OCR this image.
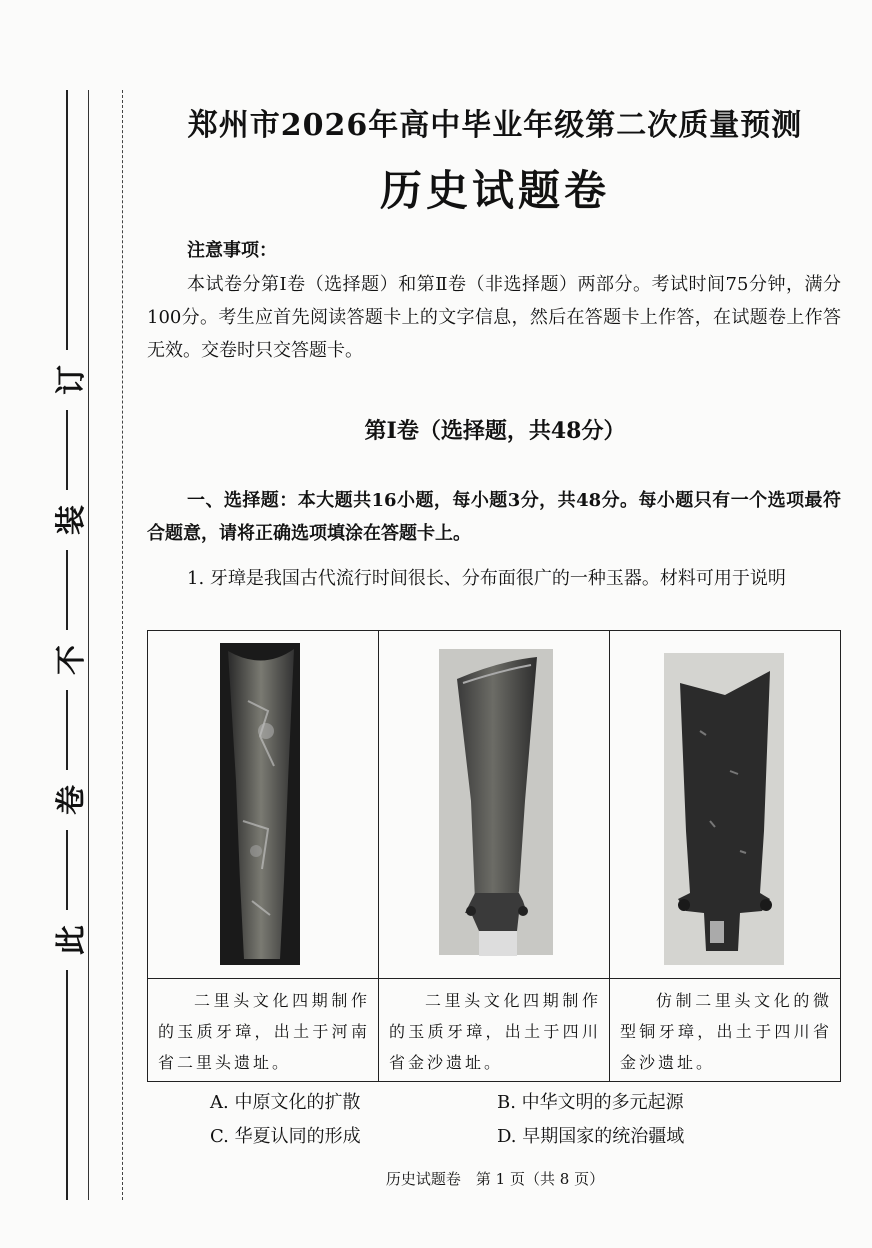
订
装
不
卷
此
郑州市2026年高中毕业年级第二次质量预测
历史试题卷
注意事项：
本试卷分第Ⅰ卷（选择题）和第Ⅱ卷（非选择题）两部分。考试时间75分钟，满分100分。考生应首先阅读答题卡上的文字信息，然后在答题卡上作答，在试题卷上作答无效。交卷时只交答题卡。
第Ⅰ卷（选择题，共48分）
一、选择题：本大题共16小题，每小题3分，共48分。每小题只有一个选项最符合题意，请将正确选项填涂在答题卡上。
1. 牙璋是我国古代流行时间很长、分布面很广的一种玉器。材料可用于说明
二里头文化四期制作的玉质牙璋，出土于河南省二里头遗址。
二里头文化四期制作的玉质牙璋，出土于四川省金沙遗址。
仿制二里头文化的微型铜牙璋，出土于四川省金沙遗址。
A. 中原文化的扩散	B. 中华文明的多元起源
C. 华夏认同的形成	D. 早期国家的统治疆域
历史试题卷　第 1 页（共 8 页）
